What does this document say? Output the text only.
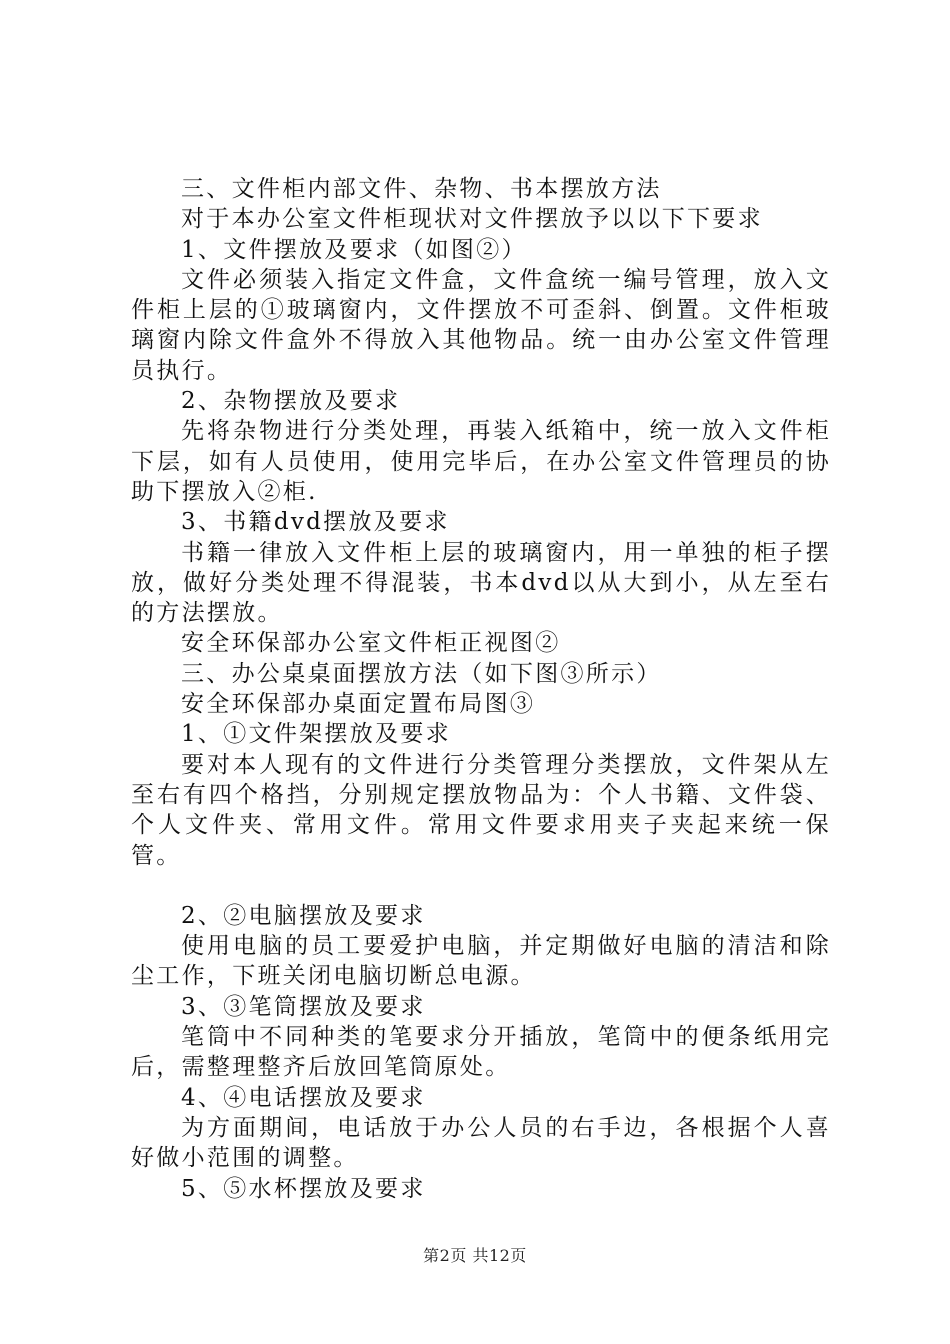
三、文件柜内部文件、杂物、书本摆放方法

对于本办公室文件柜现状对文件摆放予以以下下要求

1、文件摆放及要求（如图②）

文件必须装入指定文件盒，文件盒统一编号管理，放入文件柜上层的①玻璃窗内，文件摆放不可歪斜、倒置。文件柜玻璃窗内除文件盒外不得放入其他物品。统一由办公室文件管理员执行。

2、杂物摆放及要求

先将杂物进行分类处理，再装入纸箱中，统一放入文件柜下层，如有人员使用，使用完毕后，在办公室文件管理员的协助下摆放入②柜.

3、书籍dvd摆放及要求

书籍一律放入文件柜上层的玻璃窗内，用一单独的柜子摆放，做好分类处理不得混装，书本dvd以从大到小，从左至右的方法摆放。

安全环保部办公室文件柜正视图②

三、办公桌桌面摆放方法（如下图③所示）

安全环保部办桌面定置布局图③

1、①文件架摆放及要求

要对本人现有的文件进行分类管理分类摆放，文件架从左至右有四个格挡，分别规定摆放物品为：个人书籍、文件袋、个人文件夹、常用文件。常用文件要求用夹子夹起来统一保管。

2、②电脑摆放及要求

使用电脑的员工要爱护电脑，并定期做好电脑的清洁和除尘工作，下班关闭电脑切断总电源。

3、③笔筒摆放及要求

笔筒中不同种类的笔要求分开插放，笔筒中的便条纸用完后，需整理整齐后放回笔筒原处。

4、④电话摆放及要求

为方面期间，电话放于办公人员的右手边，各根据个人喜好做小范围的调整。

5、⑤水杯摆放及要求

第2页 共12页
